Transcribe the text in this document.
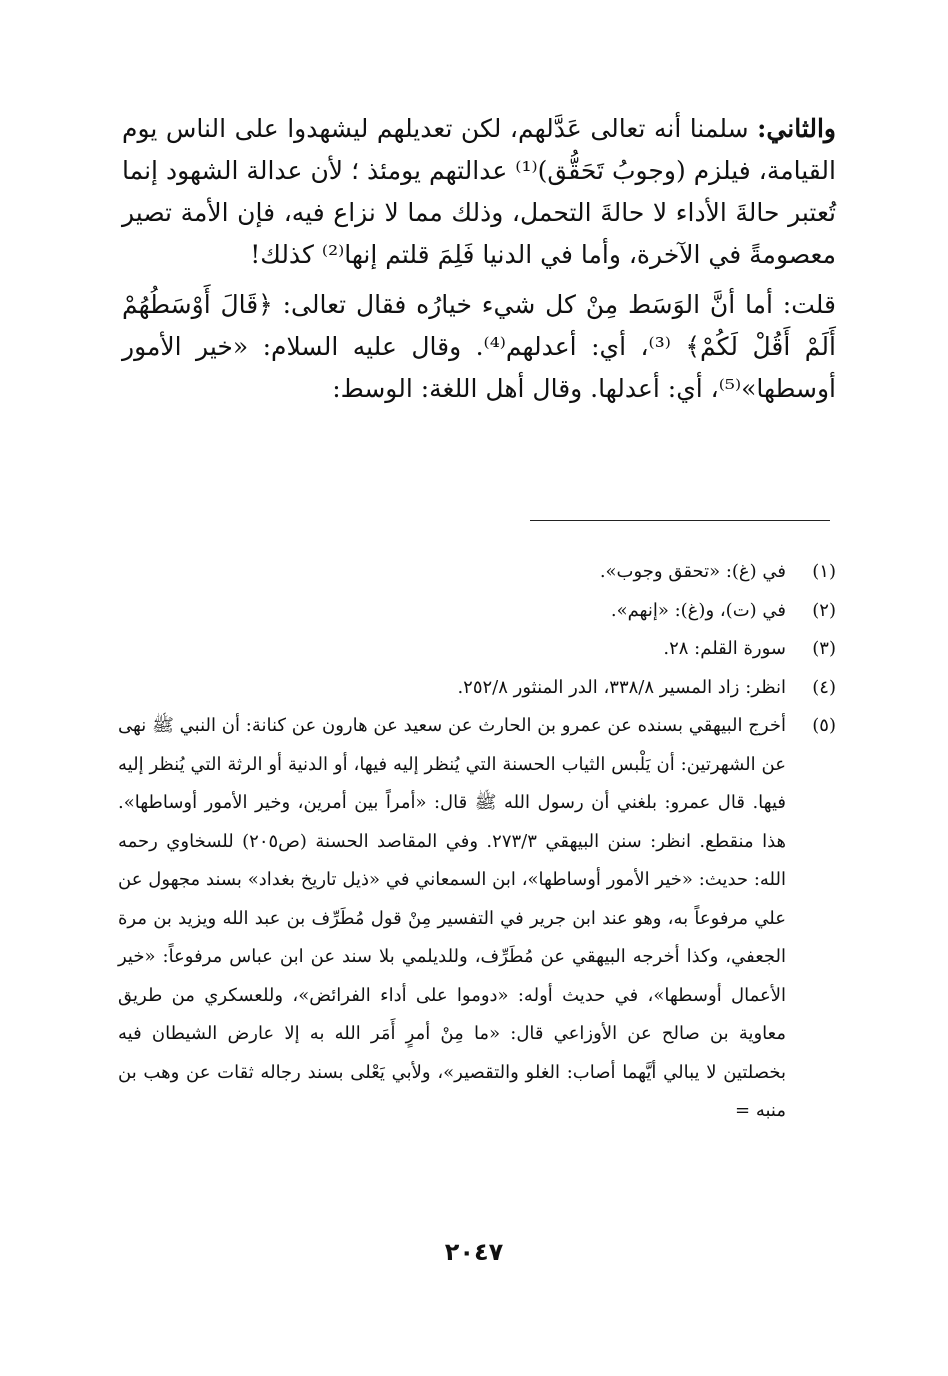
والثاني: سلمنا أنه تعالى عَدَّلهم، لكن تعديلهم ليشهدوا على الناس يوم القيامة، فيلزم (وجوبُ تَحَقُّق)⁽¹⁾ عدالتهم يومئذ ؛ لأن عدالة الشهود إنما تُعتبر حالةَ الأداء لا حالةَ التحمل، وذلك مما لا نزاع فيه، فإن الأمة تصير معصومةً في الآخرة، وأما في الدنيا فَلِمَ قلتم إنها⁽²⁾ كذلك!

قلت: أما أنَّ الوَسَط مِنْ كل شيء خيارُه فقال تعالى: ﴿قَالَ أَوْسَطُهُمْ أَلَمْ أَقُلْ لَكُمْ﴾ ⁽³⁾، أي: أعدلهم⁽⁴⁾. وقال عليه السلام: «خير الأمور أوسطها»⁽⁵⁾، أي: أعدلها. وقال أهل اللغة: الوسط:

(١)
في (غ): «تحقق وجوب».

(٢)
في (ت)، و(غ): «إنهم».

(٣)
سورة القلم: ٢٨.

(٤)
انظر: زاد المسير ٣٣٨/٨، الدر المنثور ٢٥٢/٨.

(٥)
أخرج البيهقي بسنده عن عمرو بن الحارث عن سعيد عن هارون عن كنانة: أن النبي ﷺ نهى عن الشهرتين: أن يَلْبس الثياب الحسنة التي يُنظر إليه فيها، أو الدنية أو الرثة التي يُنظر إليه فيها. قال عمرو: بلغني أن رسول الله ﷺ قال: «أمراً بين أمرين، وخير الأمور أوساطها». هذا منقطع. انظر: سنن البيهقي ٢٧٣/٣. وفي المقاصد الحسنة (ص٢٠٥) للسخاوي رحمه الله: حديث: «خير الأمور أوساطها»، ابن السمعاني في «ذيل تاريخ بغداد» بسند مجهول عن علي مرفوعاً به، وهو عند ابن جرير في التفسير مِنْ قول مُطَرِّف بن عبد الله ويزيد بن مرة الجعفي، وكذا أخرجه البيهقي عن مُطَرِّف، وللديلمي بلا سند عن ابن عباس مرفوعاً: «خير الأعمال أوسطها»، في حديث أوله: «دوموا على أداء الفرائض»، وللعسكري من طريق معاوية بن صالح عن الأوزاعي قال: «ما مِنْ أمرٍ أَمَر الله به إلا عارض الشيطان فيه بخصلتين لا يبالي أيَّهما أصاب: الغلو والتقصير»، ولأبي يَعْلى بسند رجاله ثقات عن وهب بن منبه =

٢٠٤٧
